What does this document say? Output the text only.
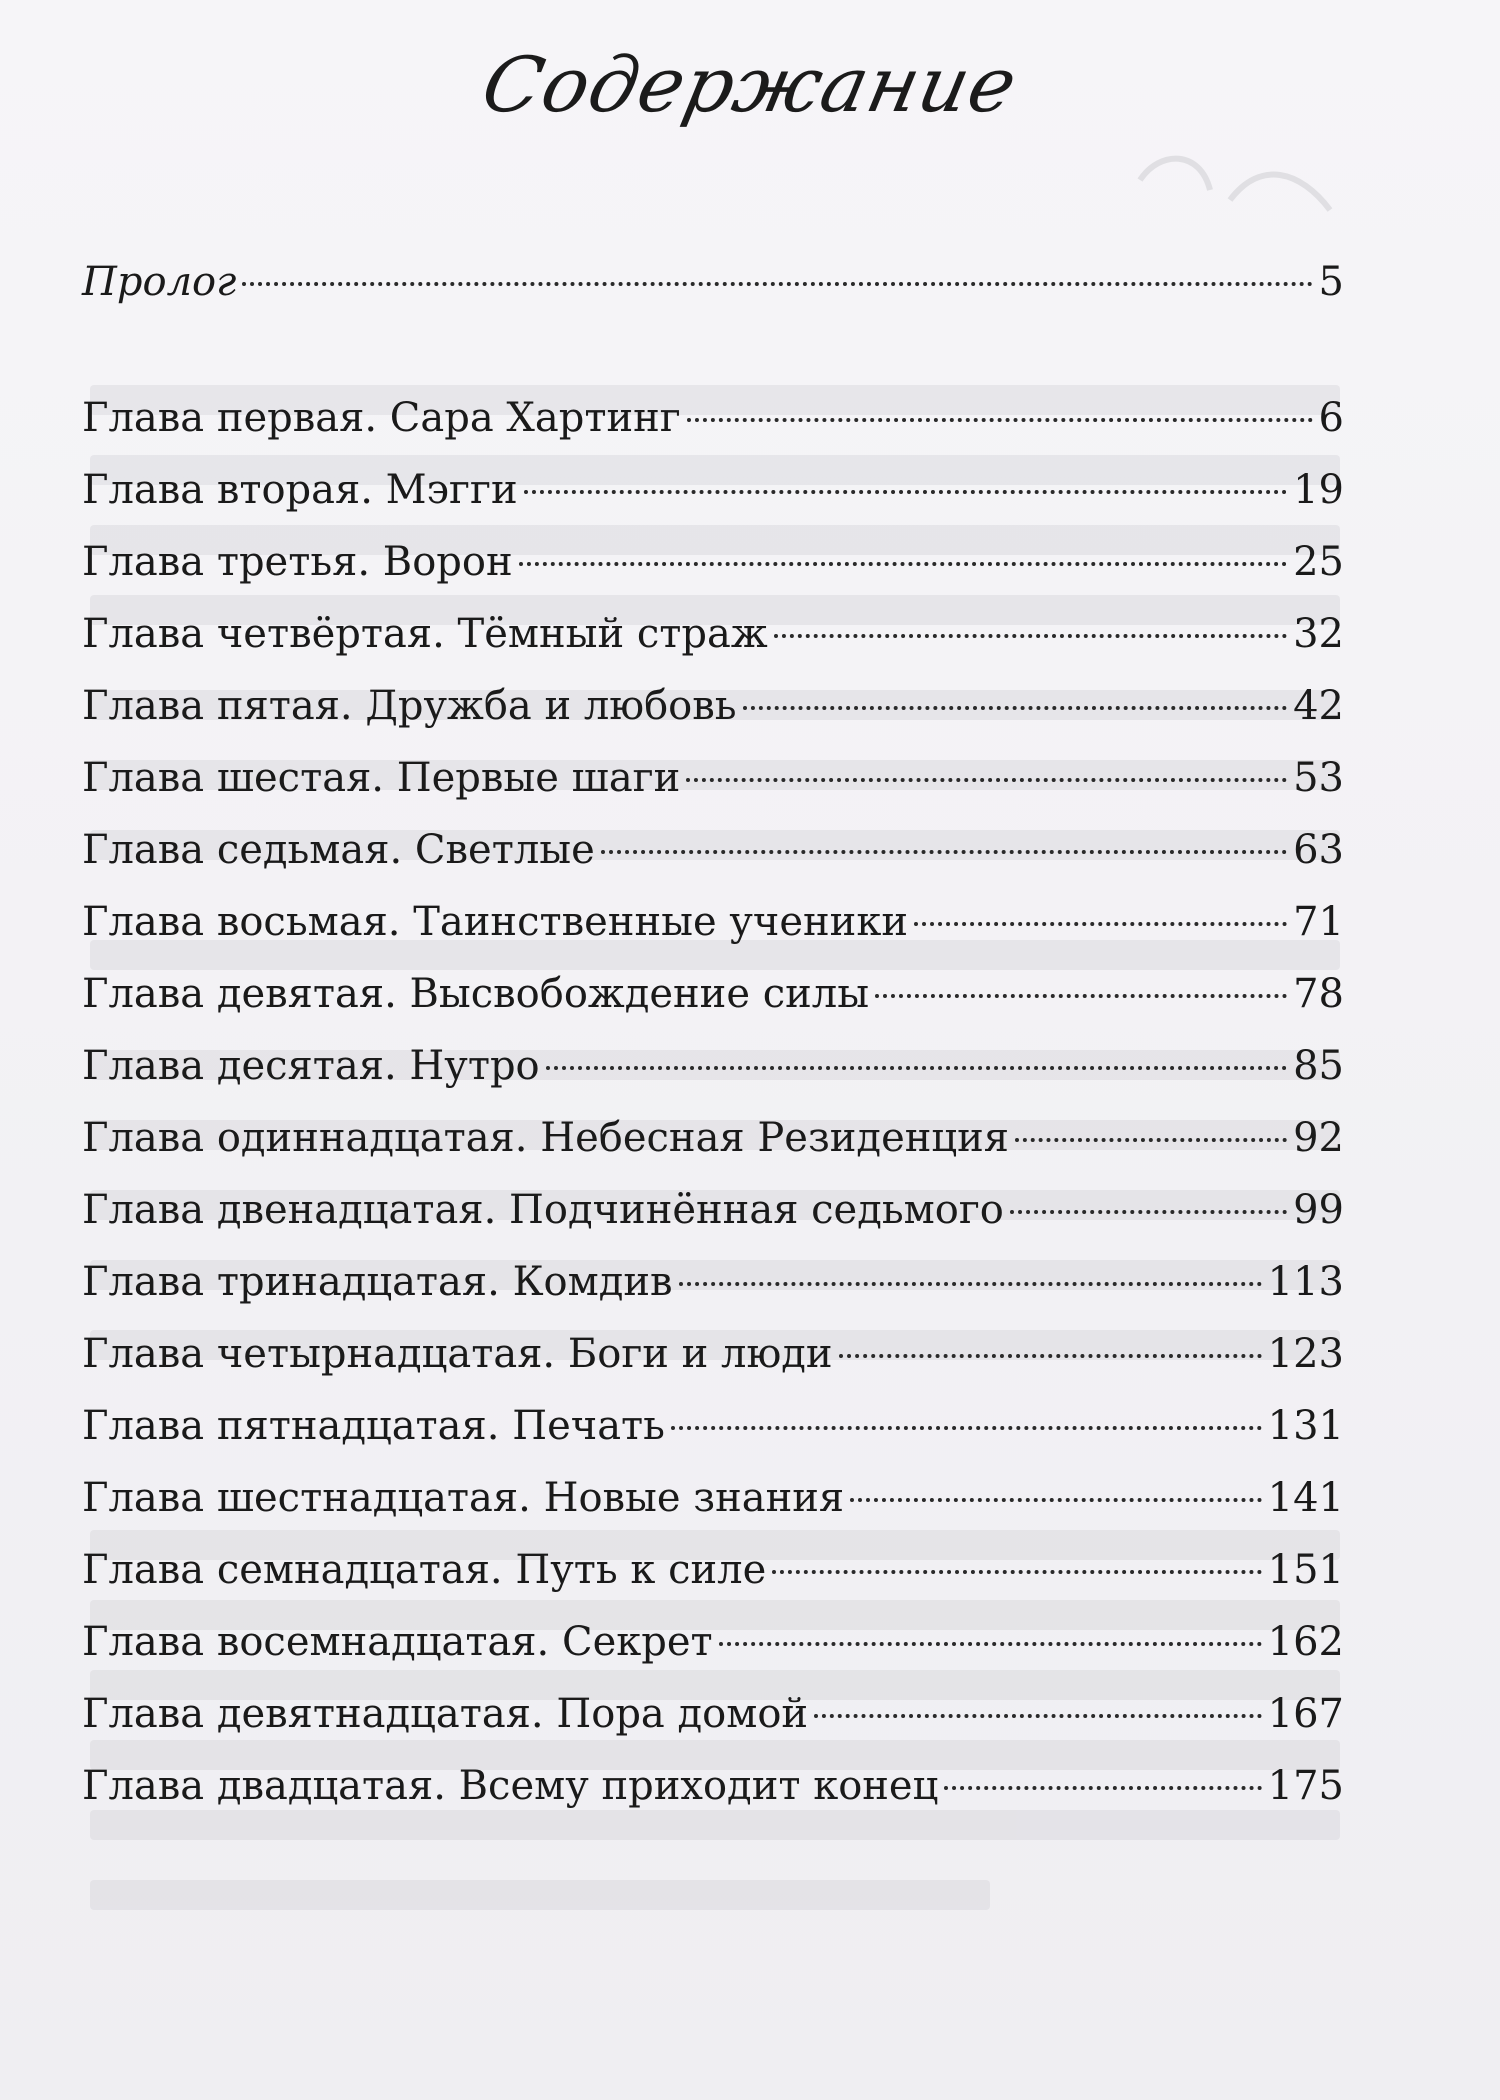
Содержание
Пролог	5
Глава первая. Сара Хартинг	6
Глава вторая. Мэгги	19
Глава третья. Ворон	25
Глава четвёртая. Тёмный страж	32
Глава пятая. Дружба и любовь	42
Глава шестая. Первые шаги	53
Глава седьмая. Светлые	63
Глава восьмая. Таинственные ученики	71
Глава девятая. Высвобождение силы	78
Глава десятая. Нутро	85
Глава одиннадцатая. Небесная Резиденция	92
Глава двенадцатая. Подчинённая седьмого	99
Глава тринадцатая. Комдив	113
Глава четырнадцатая. Боги и люди	123
Глава пятнадцатая. Печать	131
Глава шестнадцатая. Новые знания	141
Глава семнадцатая. Путь к силе	151
Глава восемнадцатая. Секрет	162
Глава девятнадцатая. Пора домой	167
Глава двадцатая. Всему приходит конец	175
